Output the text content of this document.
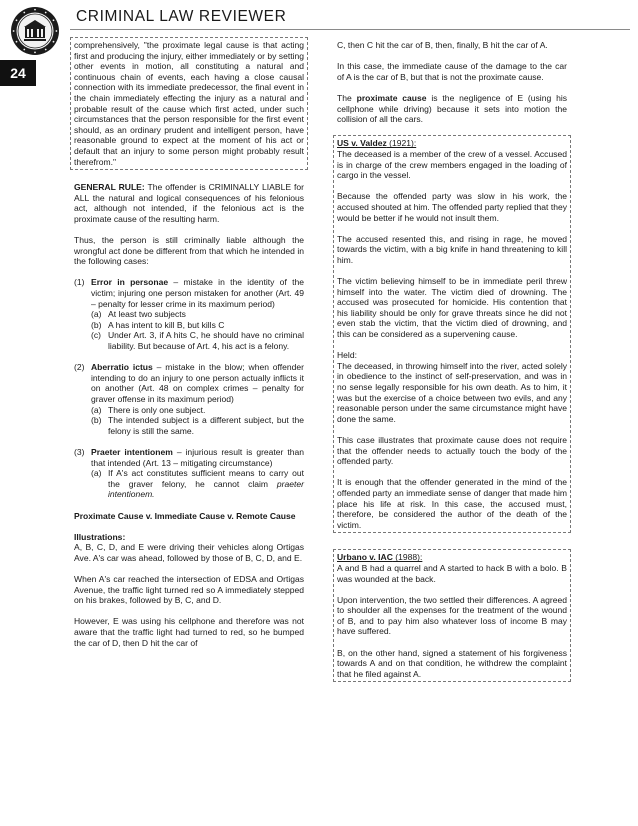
CRIMINAL LAW REVIEWER
24

comprehensively, "the proximate legal cause is that acting first and producing the injury, either immediately or by setting other events in motion, all constituting a natural and continuous chain of events, each having a close causal connection with its immediate predecessor, the final event in the chain immediately effecting the injury as a natural and probable result of the cause which first acted, under such circumstances that the person responsible for the first event should, as an ordinary prudent and intelligent person, have reasonable ground to expect at the moment of his act or default that an injury to some person might probably result therefrom."

GENERAL RULE: The offender is CRIMINALLY LIABLE for ALL the natural and logical consequences of his felonious act, although not intended, if the felonious act is the proximate cause of the resulting harm.

Thus, the person is still criminally liable although the wrongful act done be different from that which he intended in the following cases:

(1) Error in personae – mistake in the identity of the victim; injuring one person mistaken for another (Art. 49 – penalty for lesser crime in its maximum period)
(a) At least two subjects
(b) A has intent to kill B, but kills C
(c) Under Art. 3, if A hits C, he should have no criminal liability. But because of Art. 4, his act is a felony.
(2) Aberratio ictus – mistake in the blow; when offender intending to do an injury to one person actually inflicts it on another (Art. 48 on complex crimes – penalty for graver offense in its maximum period)
(a) There is only one subject.
(b) The intended subject is a different subject, but the felony is still the same.
(3) Praeter intentionem – injurious result is greater than that intended (Art. 13 – mitigating circumstance)
(a) If A's act constitutes sufficient means to carry out the graver felony, he cannot claim praeter intentionem.

Proximate Cause v. Immediate Cause v. Remote Cause

Illustrations:

A, B, C, D, and E were driving their vehicles along Ortigas Ave. A's car was ahead, followed by those of B, C, D, and E.

When A's car reached the intersection of EDSA and Ortigas Avenue, the traffic light turned red so A immediately stepped on his brakes, followed by B, C, and D.

However, E was using his cellphone and therefore was not aware that the traffic light had turned to red, so he bumped the car of D, then D hit the car of

C, then C hit the car of B, then, finally, B hit the car of A.

In this case, the immediate cause of the damage to the car of A is the car of B, but that is not the proximate cause.

The proximate cause is the negligence of E (using his cellphone while driving) because it sets into motion the collision of all the cars.

US v. Valdez (1921):

The deceased is a member of the crew of a vessel. Accused is in charge of the crew members engaged in the loading of cargo in the vessel.

Because the offended party was slow in his work, the accused shouted at him. The offended party replied that they would be better if he would not insult them.

The accused resented this, and rising in rage, he moved towards the victim, with a big knife in hand threatening to kill him.

The victim believing himself to be in immediate peril threw himself into the water. The victim died of drowning. The accused was prosecuted for homicide. His contention that his liability should be only for grave threats since he did not even stab the victim, that the victim died of drowning, and this can be considered as a supervening cause.

Held:

The deceased, in throwing himself into the river, acted solely in obedience to the instinct of self-preservation, and was in no sense legally responsible for his own death. As to him, it was but the exercise of a choice between two evils, and any reasonable person under the same circumstance might have done the same.

This case illustrates that proximate cause does not require that the offender needs to actually touch the body of the offended party.

It is enough that the offender generated in the mind of the offended party an immediate sense of danger that made him place his life at risk. In this case, the accused must, therefore, be considered the author of the death of the victim.

Urbano v. IAC (1988):

A and B had a quarrel and A started to hack B with a bolo. B was wounded at the back.

Upon intervention, the two settled their differences. A agreed to shoulder all the expenses for the treatment of the wound of B, and to pay him also whatever loss of income B may have suffered.

B, on the other hand, signed a statement of his forgiveness towards A and on that condition, he withdrew the complaint that he filed against A.
